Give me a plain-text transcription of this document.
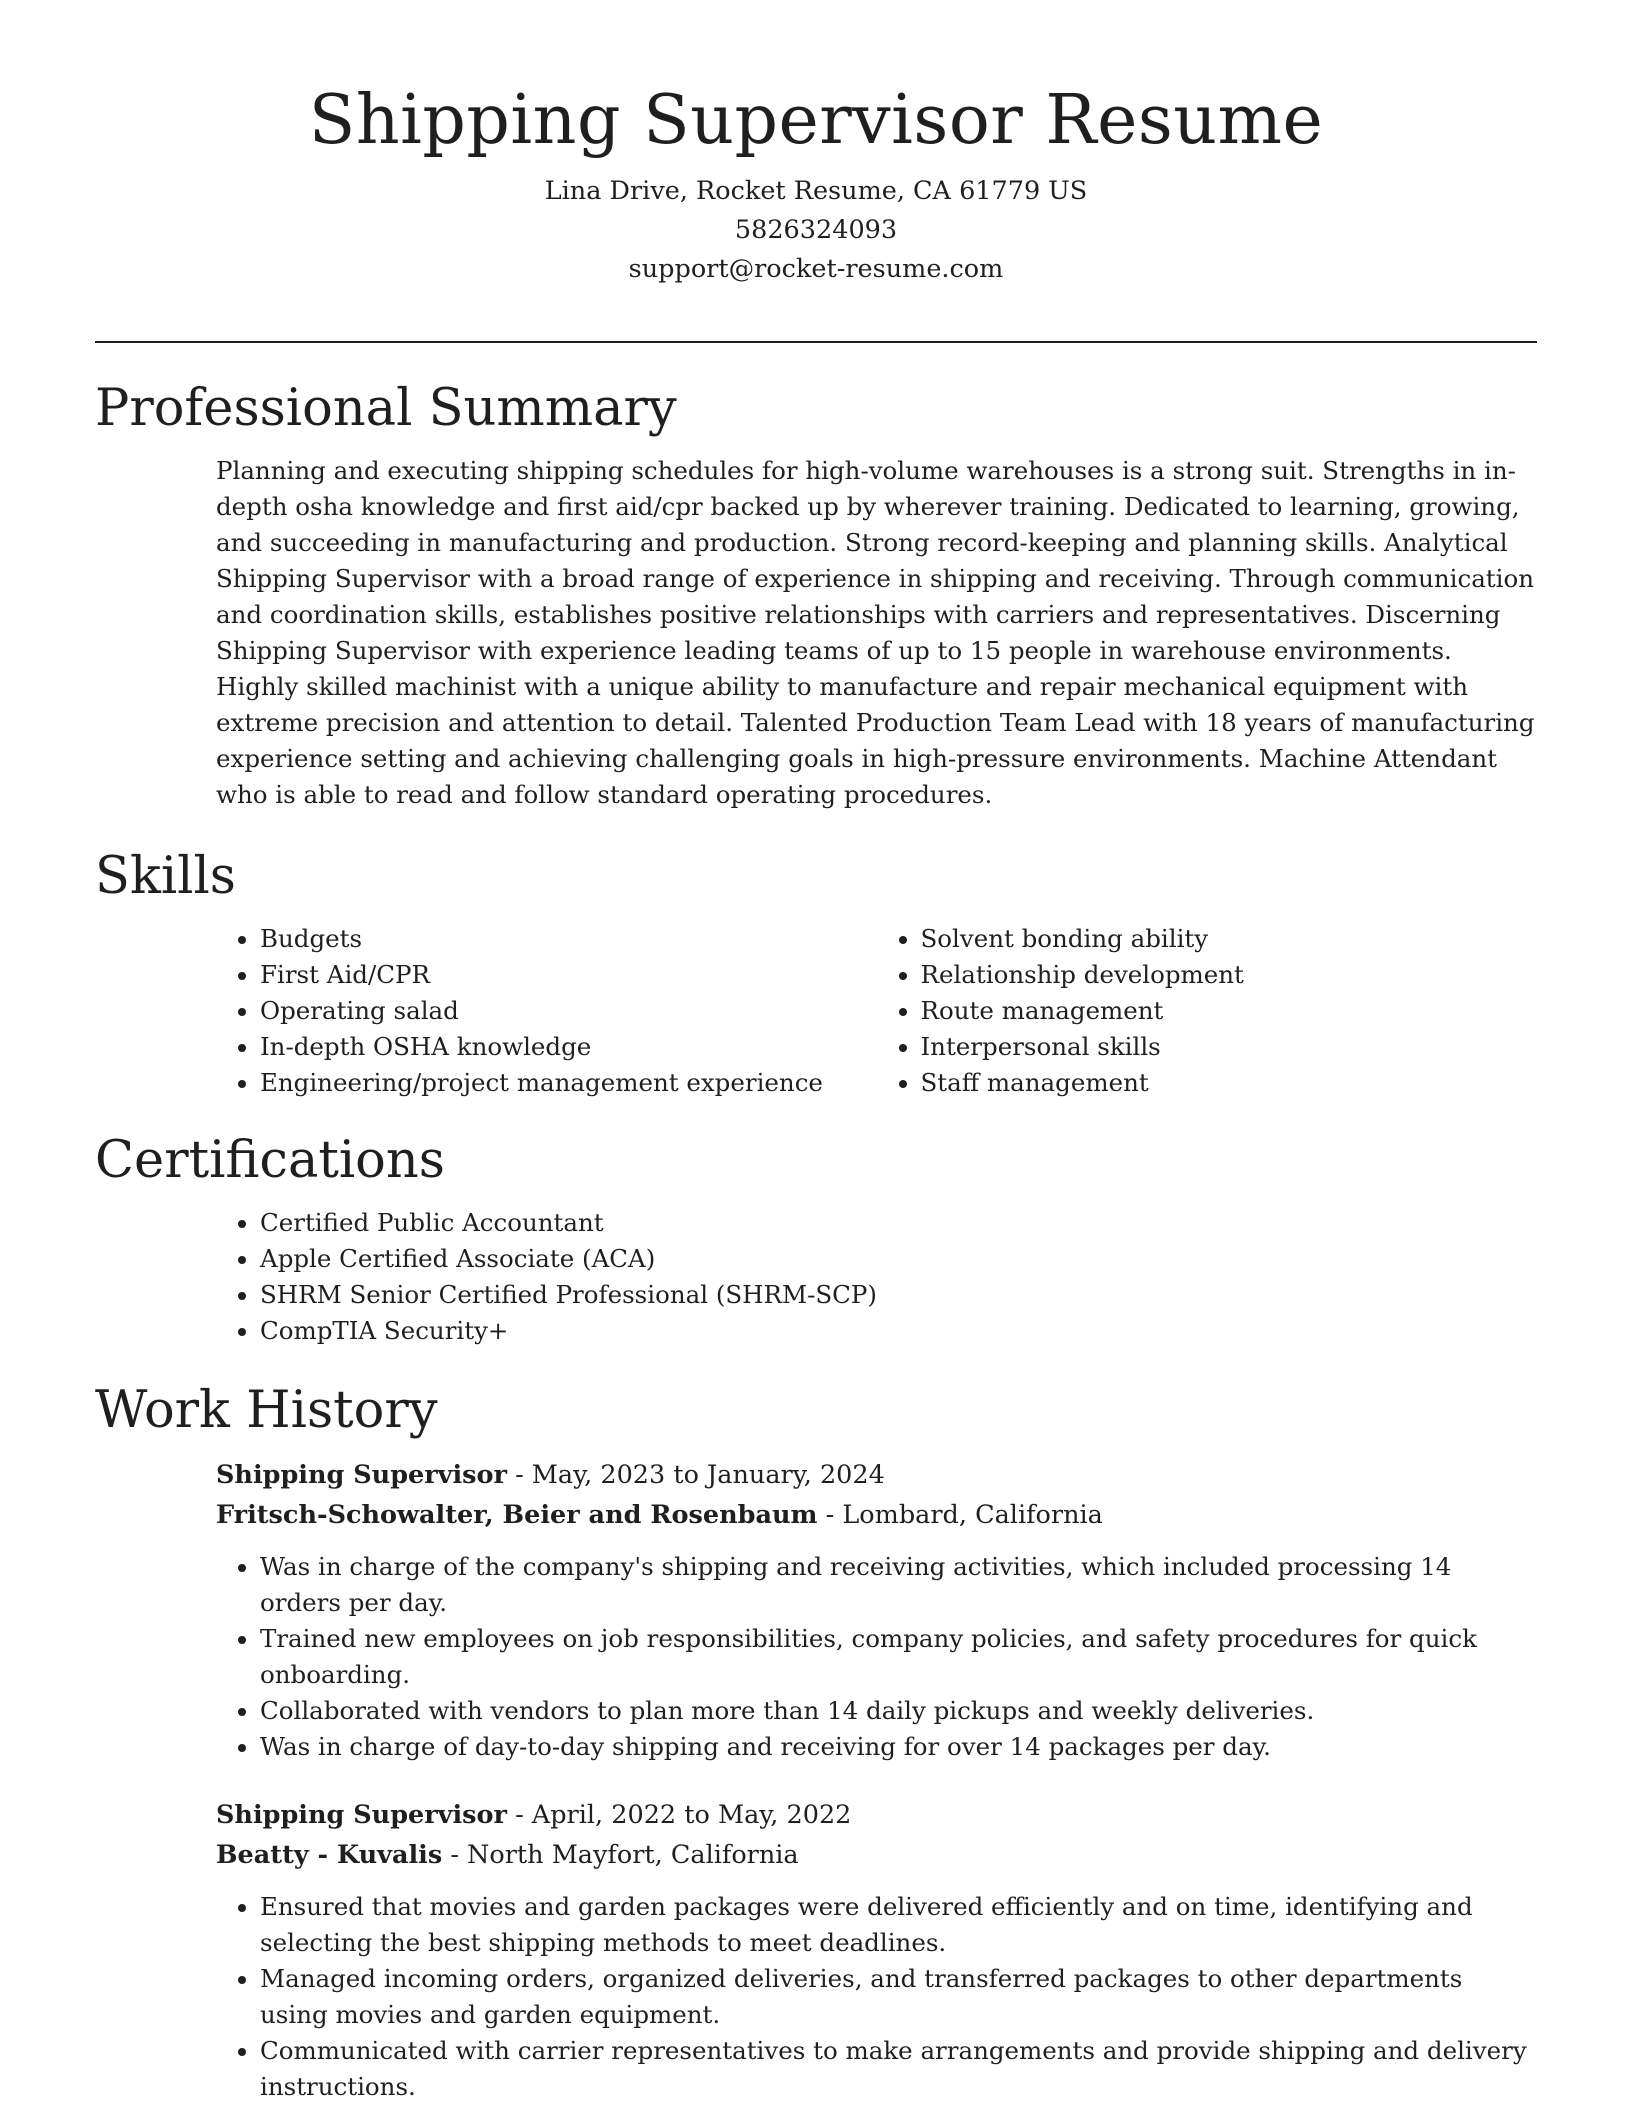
Shipping Supervisor Resume
Lina Drive, Rocket Resume, CA 61779 US
5826324093
support@rocket-resume.com
Professional Summary
Planning and executing shipping schedules for high-volume warehouses is a strong suit. Strengths in in-depth osha knowledge and first aid/cpr backed up by wherever training. Dedicated to learning, growing, and succeeding in manufacturing and production. Strong record-keeping and planning skills. Analytical Shipping Supervisor with a broad range of experience in shipping and receiving. Through communication and coordination skills, establishes positive relationships with carriers and representatives. Discerning Shipping Supervisor with experience leading teams of up to 15 people in warehouse environments. Highly skilled machinist with a unique ability to manufacture and repair mechanical equipment with extreme precision and attention to detail. Talented Production Team Lead with 18 years of manufacturing experience setting and achieving challenging goals in high-pressure environments. Machine Attendant who is able to read and follow standard operating procedures.
Skills
• Budgets
• First Aid/CPR
• Operating salad
• In-depth OSHA knowledge
• Engineering/project management experience
• Solvent bonding ability
• Relationship development
• Route management
• Interpersonal skills
• Staff management
Certifications
• Certified Public Accountant
• Apple Certified Associate (ACA)
• SHRM Senior Certified Professional (SHRM-SCP)
• CompTIA Security+
Work History
Shipping Supervisor - May, 2023 to January, 2024
Fritsch-Schowalter, Beier and Rosenbaum - Lombard, California
• Was in charge of the company's shipping and receiving activities, which included processing 14 orders per day.
• Trained new employees on job responsibilities, company policies, and safety procedures for quick onboarding.
• Collaborated with vendors to plan more than 14 daily pickups and weekly deliveries.
• Was in charge of day-to-day shipping and receiving for over 14 packages per day.
Shipping Supervisor - April, 2022 to May, 2022
Beatty - Kuvalis - North Mayfort, California
• Ensured that movies and garden packages were delivered efficiently and on time, identifying and selecting the best shipping methods to meet deadlines.
• Managed incoming orders, organized deliveries, and transferred packages to other departments using movies and garden equipment.
• Communicated with carrier representatives to make arrangements and provide shipping and delivery instructions.
